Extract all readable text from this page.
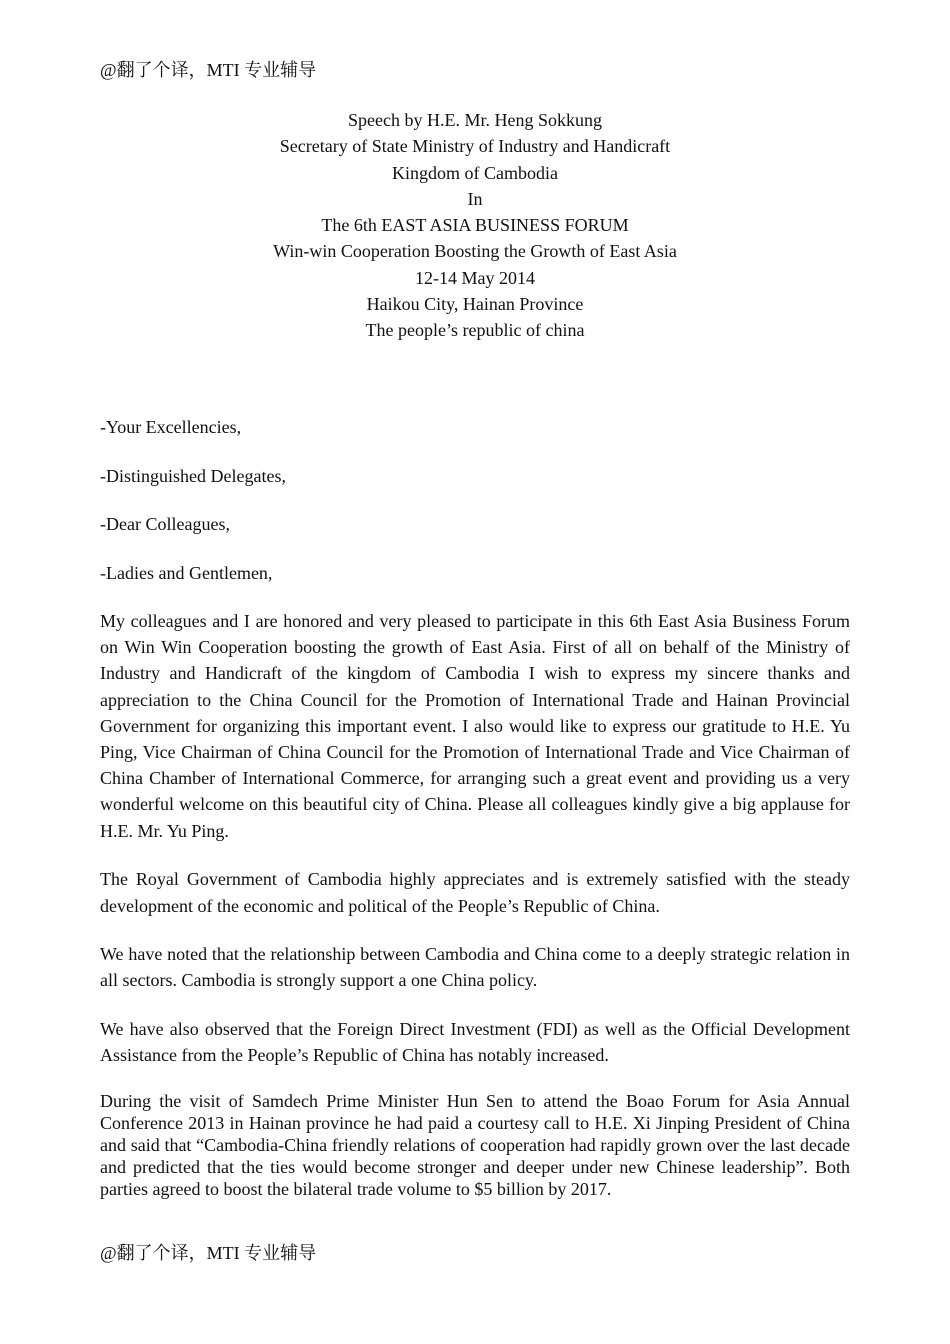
@翻了个译，MTI 专业辅导
Speech by H.E. Mr. Heng Sokkung
Secretary of State Ministry of Industry and Handicraft
Kingdom of Cambodia
In
The 6th EAST ASIA BUSINESS FORUM
Win-win Cooperation Boosting the Growth of East Asia
12-14 May 2014
Haikou City, Hainan Province
The people’s republic of china
-Your Excellencies,
-Distinguished Delegates,
-Dear Colleagues,
-Ladies and Gentlemen,

My colleagues and I are honored and very pleased to participate in this 6th East Asia Business Forum on Win Win Cooperation boosting the growth of East Asia. First of all on behalf of the Ministry of Industry and Handicraft of the kingdom of Cambodia I wish to express my sincere thanks and appreciation to the China Council for the Promotion of International Trade and Hainan Provincial Government for organizing this important event. I also would like to express our gratitude to H.E. Yu Ping, Vice Chairman of China Council for the Promotion of International Trade and Vice Chairman of China Chamber of International Commerce, for arranging such a great event and providing us a very wonderful welcome on this beautiful city of China. Please all colleagues kindly give a big applause for H.E. Mr. Yu Ping.

The Royal Government of Cambodia highly appreciates and is extremely satisfied with the steady development of the economic and political of the People’s Republic of China.

We have noted that the relationship between Cambodia and China come to a deeply strategic relation in all sectors. Cambodia is strongly support a one China policy.

We have also observed that the Foreign Direct Investment (FDI) as well as the Official Development Assistance from the People’s Republic of China has notably increased.

During the visit of Samdech Prime Minister Hun Sen to attend the Boao Forum for Asia Annual Conference 2013 in Hainan province he had paid a courtesy call to H.E. Xi Jinping President of China and said that “Cambodia-China friendly relations of cooperation had rapidly grown over the last decade and predicted that the ties would become stronger and deeper under new Chinese leadership”. Both parties agreed to boost the bilateral trade volume to $5 billion by 2017.

@翻了个译，MTI 专业辅导
